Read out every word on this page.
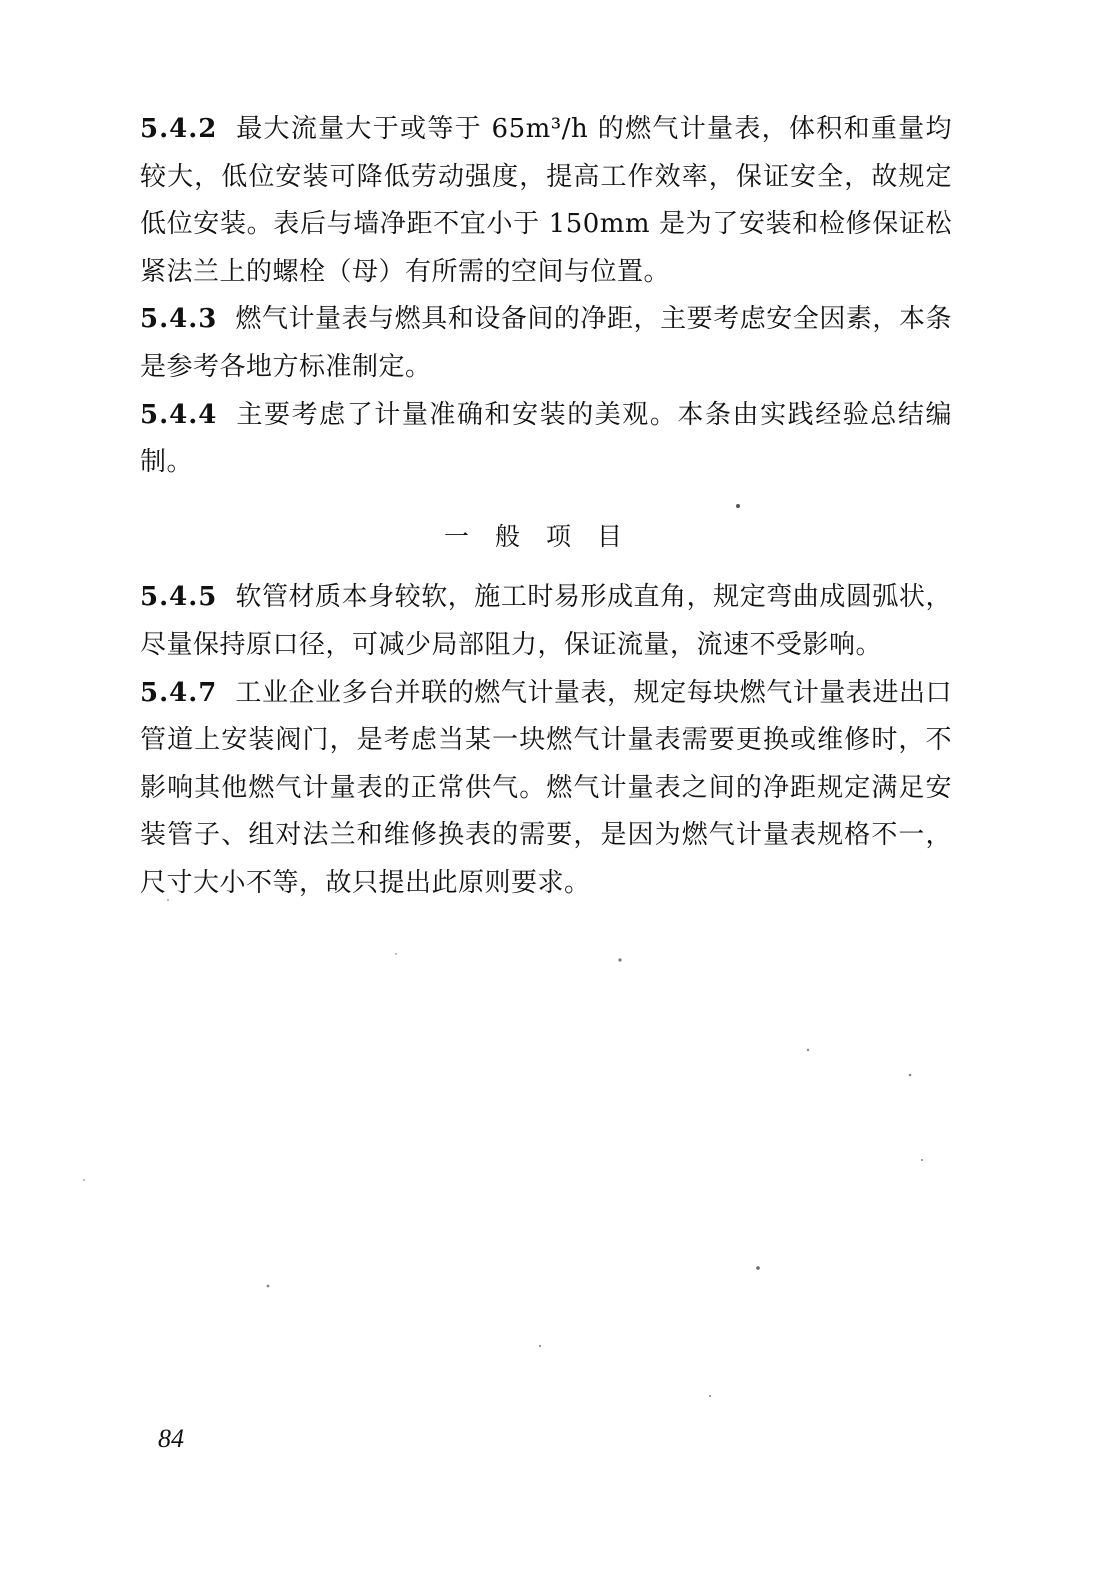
5.4.2 最大流量大于或等于 65m³/h 的燃气计量表，体积和重量均较大，低位安装可降低劳动强度，提高工作效率，保证安全，故规定低位安装。表后与墙净距不宜小于 150mm 是为了安装和检修保证松紧法兰上的螺栓（母）有所需的空间与位置。

5.4.3 燃气计量表与燃具和设备间的净距，主要考虑安全因素，本条是参考各地方标准制定。

5.4.4 主要考虑了计量准确和安装的美观。本条由实践经验总结编制。

一般项目

5.4.5 软管材质本身较软，施工时易形成直角，规定弯曲成圆弧状，尽量保持原口径，可减少局部阻力，保证流量，流速不受影响。

5.4.7 工业企业多台并联的燃气计量表，规定每块燃气计量表进出口管道上安装阀门，是考虑当某一块燃气计量表需要更换或维修时，不影响其他燃气计量表的正常供气。燃气计量表之间的净距规定满足安装管子、组对法兰和维修换表的需要，是因为燃气计量表规格不一，尺寸大小不等，故只提出此原则要求。

84
